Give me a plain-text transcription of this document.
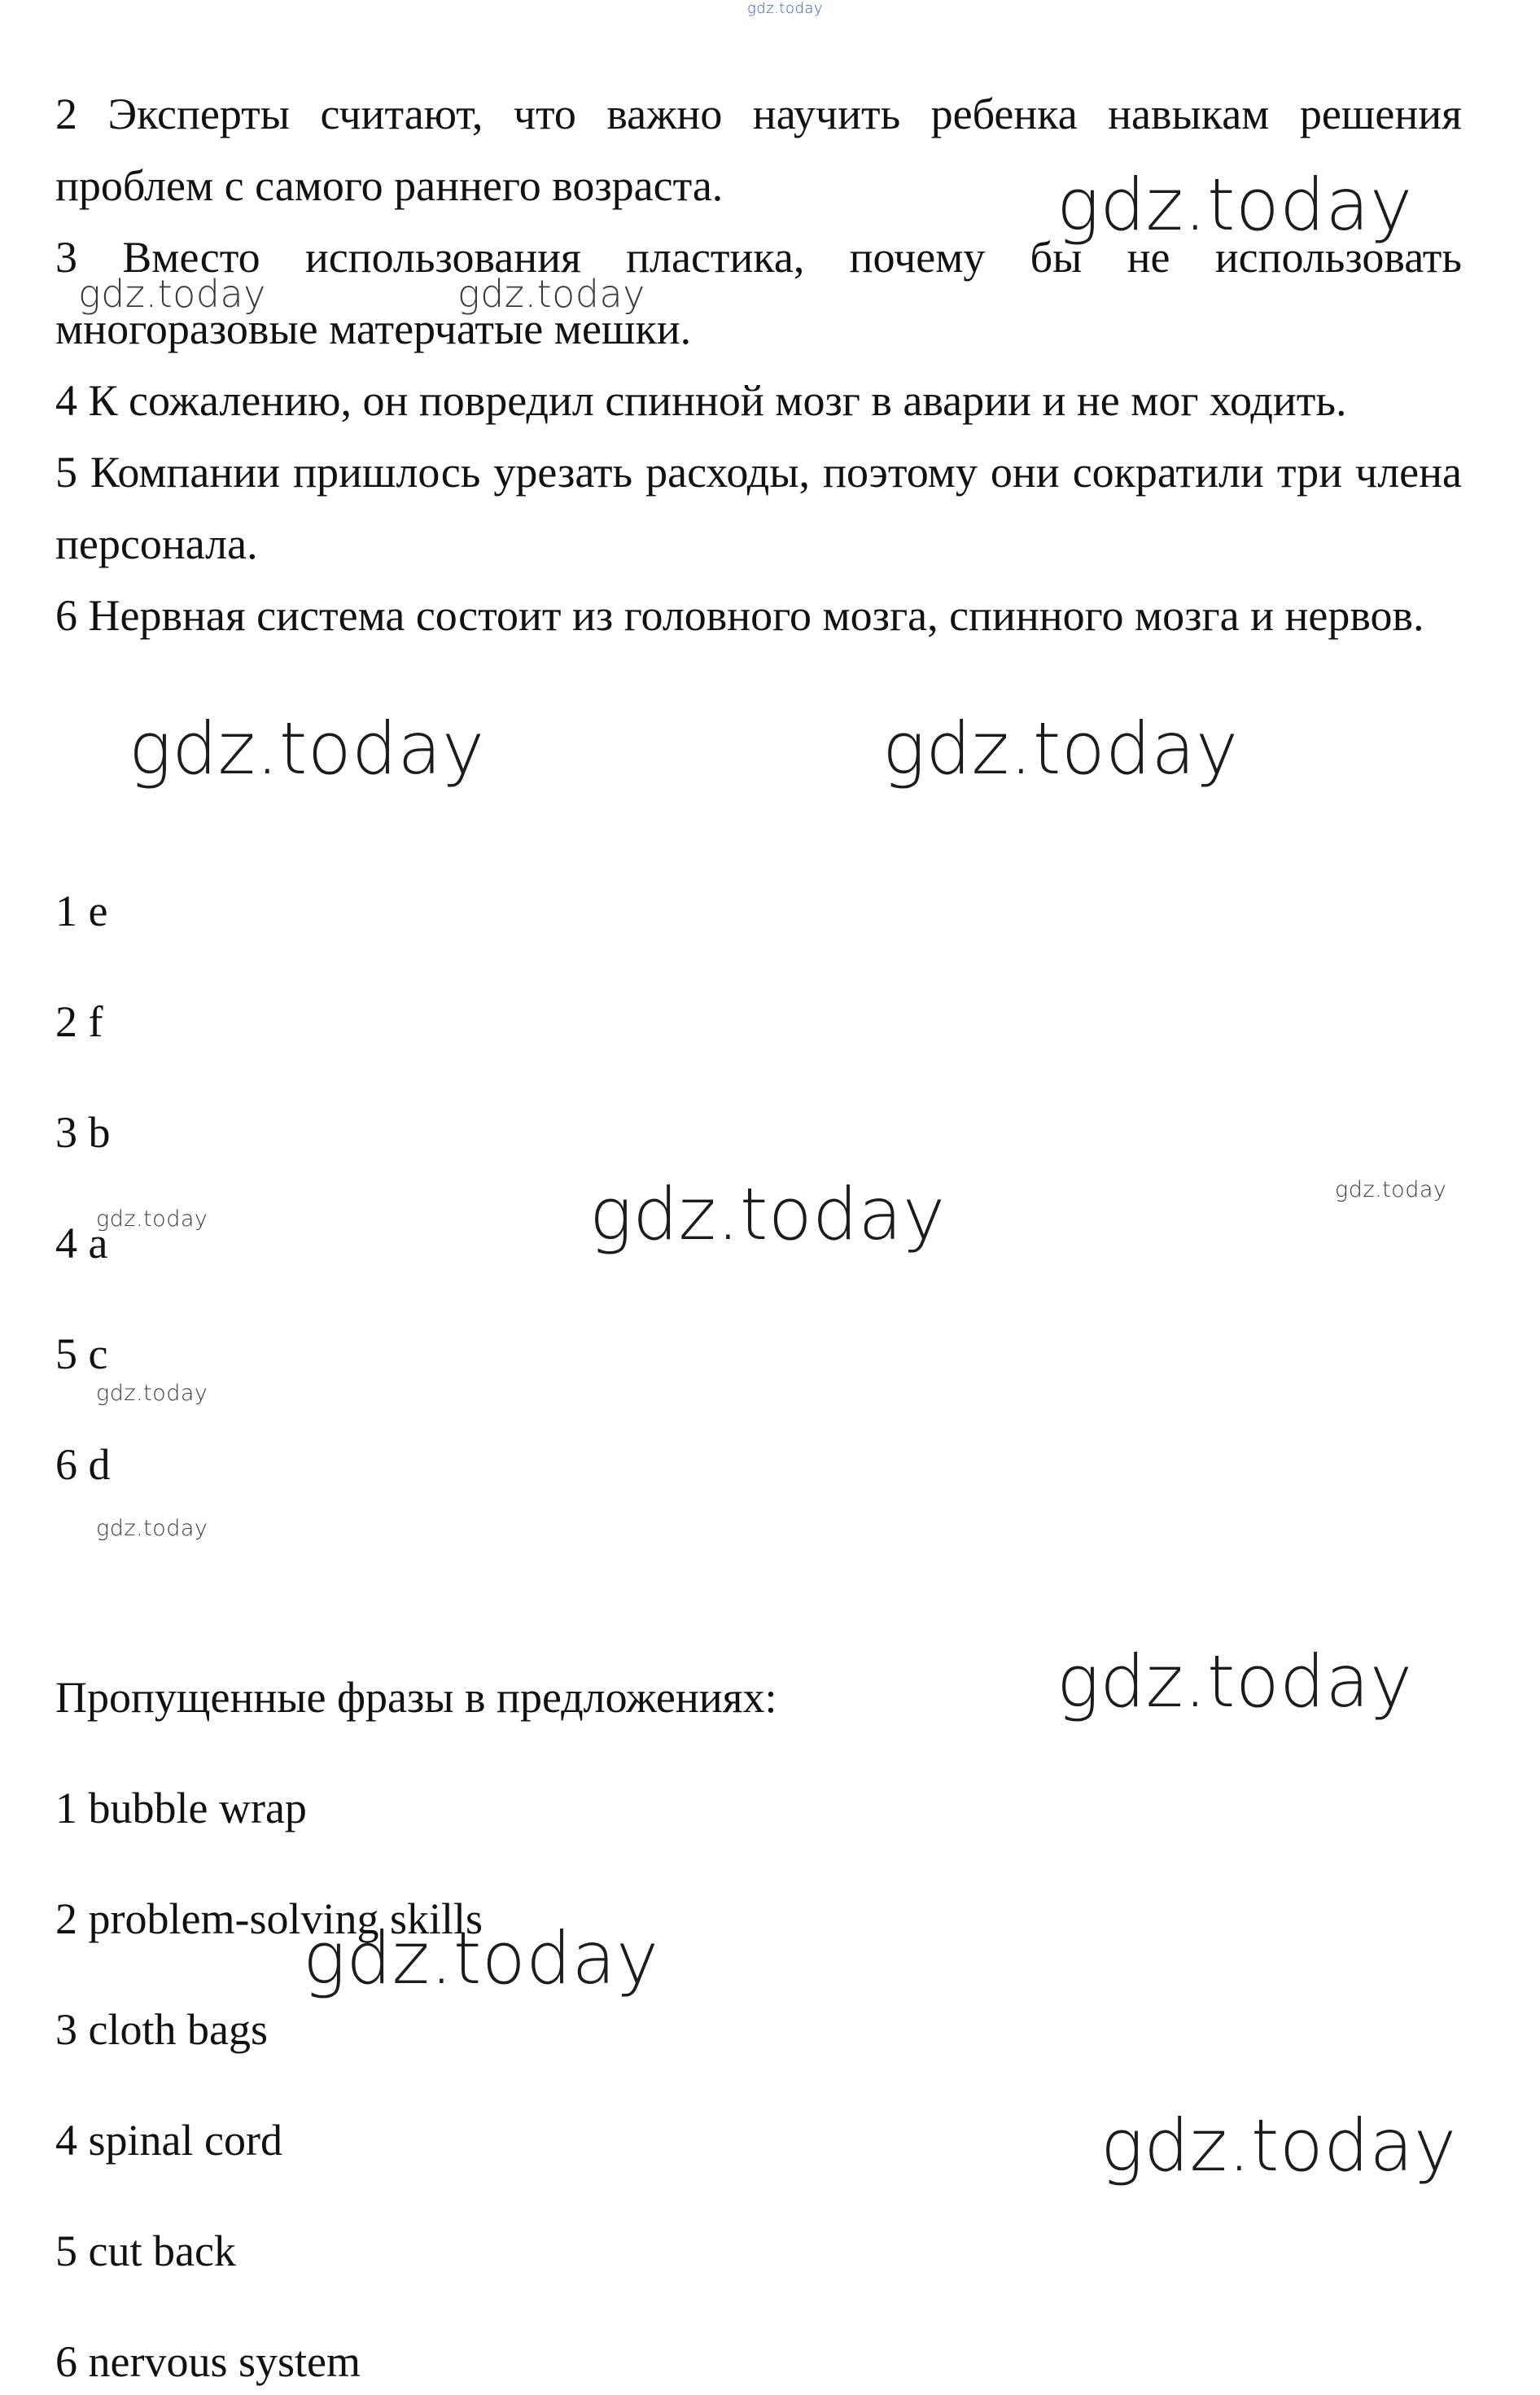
gdz.today

2 Эксперты считают, что важно научить ребенка навыкам решения проблем с самого раннего возраста.

3 Вместо использования пластика, почему бы не использовать многоразовые матерчатые мешки.

4 К сожалению, он повредил спинной мозг в аварии и не мог ходить.

5 Компании пришлось урезать расходы, поэтому они сократили три члена персонала.

6 Нервная система состоит из головного мозга, спинного мозга и нервов.

gdz.today
gdz.today	gdz.today
gdz.today	gdz.today

1 e

2 f

3 b

4 a

5 c

6 d

gdz.today	gdz.today	gdz.today
gdz.today
gdz.today

Пропущенные фразы в предложениях:

1 bubble wrap

2 problem-solving skills

3 cloth bags

4 spinal cord

5 cut back

6 nervous system

gdz.today
gdz.today
gdz.today
